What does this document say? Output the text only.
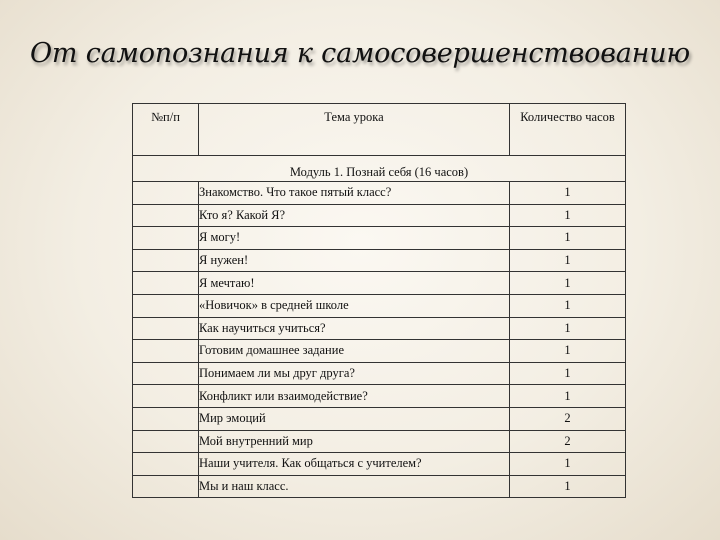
От самопознания к самосовершенствованию
№п/п	Тема урока	Количество часов
Модуль 1. Познай себя (16 часов)		
	Знакомство. Что такое пятый класс?	1
	Кто я? Какой Я?	1
	Я могу!	1
	Я нужен!	1
	Я мечтаю!	1
	«Новичок» в средней школе	1
	Как научиться учиться?	1
	Готовим домашнее задание	1
	Понимаем ли мы друг друга?	1
	Конфликт или взаимодействие?	1
	Мир эмоций	2
	Мой внутренний мир	2
	Наши учителя. Как общаться с учителем?	1
	Мы и наш класс.	1
